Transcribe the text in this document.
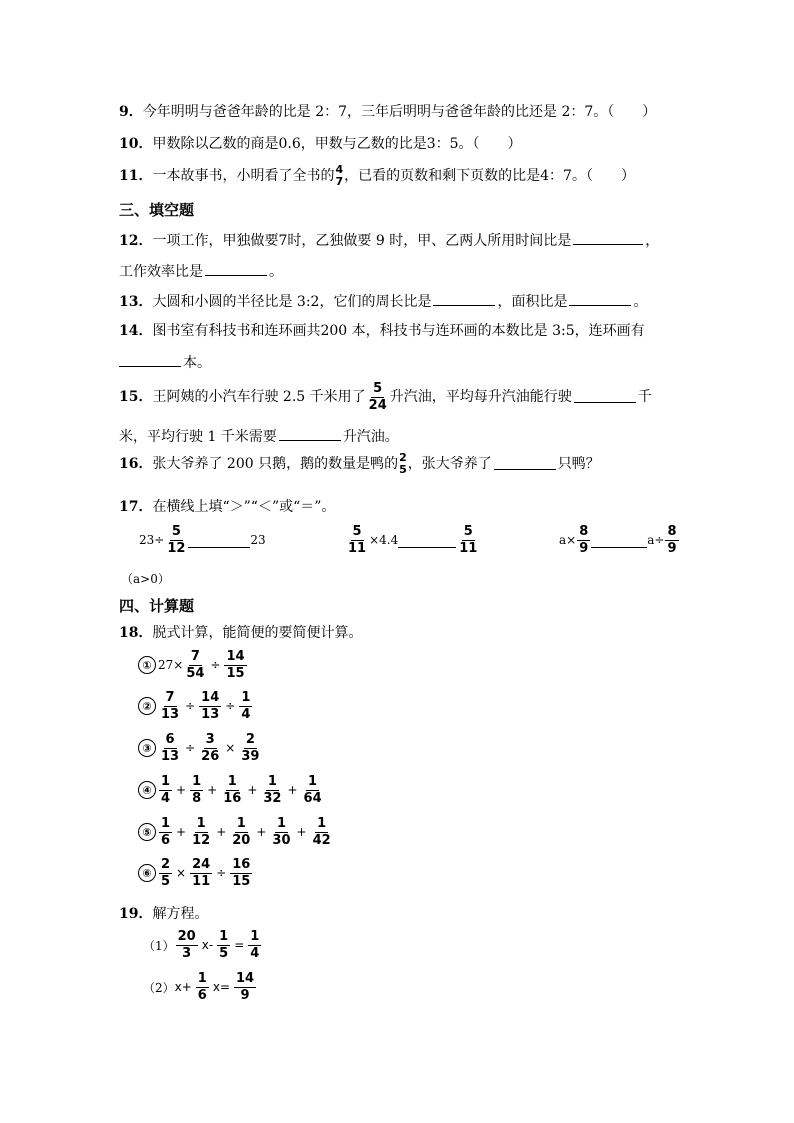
9．今年明明与爸爸年龄的比是 2：7，三年后明明与爸爸年龄的比还是 2：7。（　　）
10．甲数除以乙数的商是0.6，甲数与乙数的比是3：5。（　　）
11． 一本故事书，小明看了全书的 4
7 ，已看的页数和剩下页数的比是4：7。（　　）
三、填空题
12．一项工作，甲独做要7时，乙独做要 9 时，甲、乙两人所用时间比是	，
工作效率比是	。
13．大圆和小圆的半径比是 3:2，它们的周长比是	，面积比是	。
14．图书室有科技书和连环画共200 本，科技书与连环画的本数比是 3:5，连环画有
本。
15． 王阿姨的小汽车行驶 2.5 千米用了 $\frac{5}{24}$ 升汽油，平均每升汽油能行驶	千
米，平均行驶 1 千米需要	升汽油。
16． 张大爷养了 200 只鹅，鹅的数量是鸭的 2
5 ，张大爷养了	只鸭？
17．在横线上填“＞”“＜”或“＝”。
$23\div \frac{5}{12}$	23	$\frac{5}{11} \times 4.4$	$\frac{5}{11}$	$a\times \frac{8}{9}$	$a\div \frac{8}{9}$
（a>0）
四、计算题
18．脱式计算，能简便的要简便计算。
① $27\times \frac{7}{54} \div \frac{14}{15}$
② $\frac{7}{13} \div \frac{14}{13} \div \frac{1}{4}$
③ $\frac{6}{13} \div \frac{3}{26} \times \frac{2}{39}$
④ $\frac{1}{4} + \frac{1}{8} + \frac{1}{16} + \frac{1}{32} + \frac{1}{64}$
⑤ $\frac{1}{6} + \frac{1}{12} + \frac{1}{20} + \frac{1}{30} + \frac{1}{42}$
⑥ $\frac{2}{5} \times \frac{24}{11} \div \frac{16}{15}$
19．解方程。
$(1) \frac{20}{3} x- \frac{1}{5} = \frac{1}{4}$
（2） $x+ \frac{1}{6} x= \frac{14}{9}$
